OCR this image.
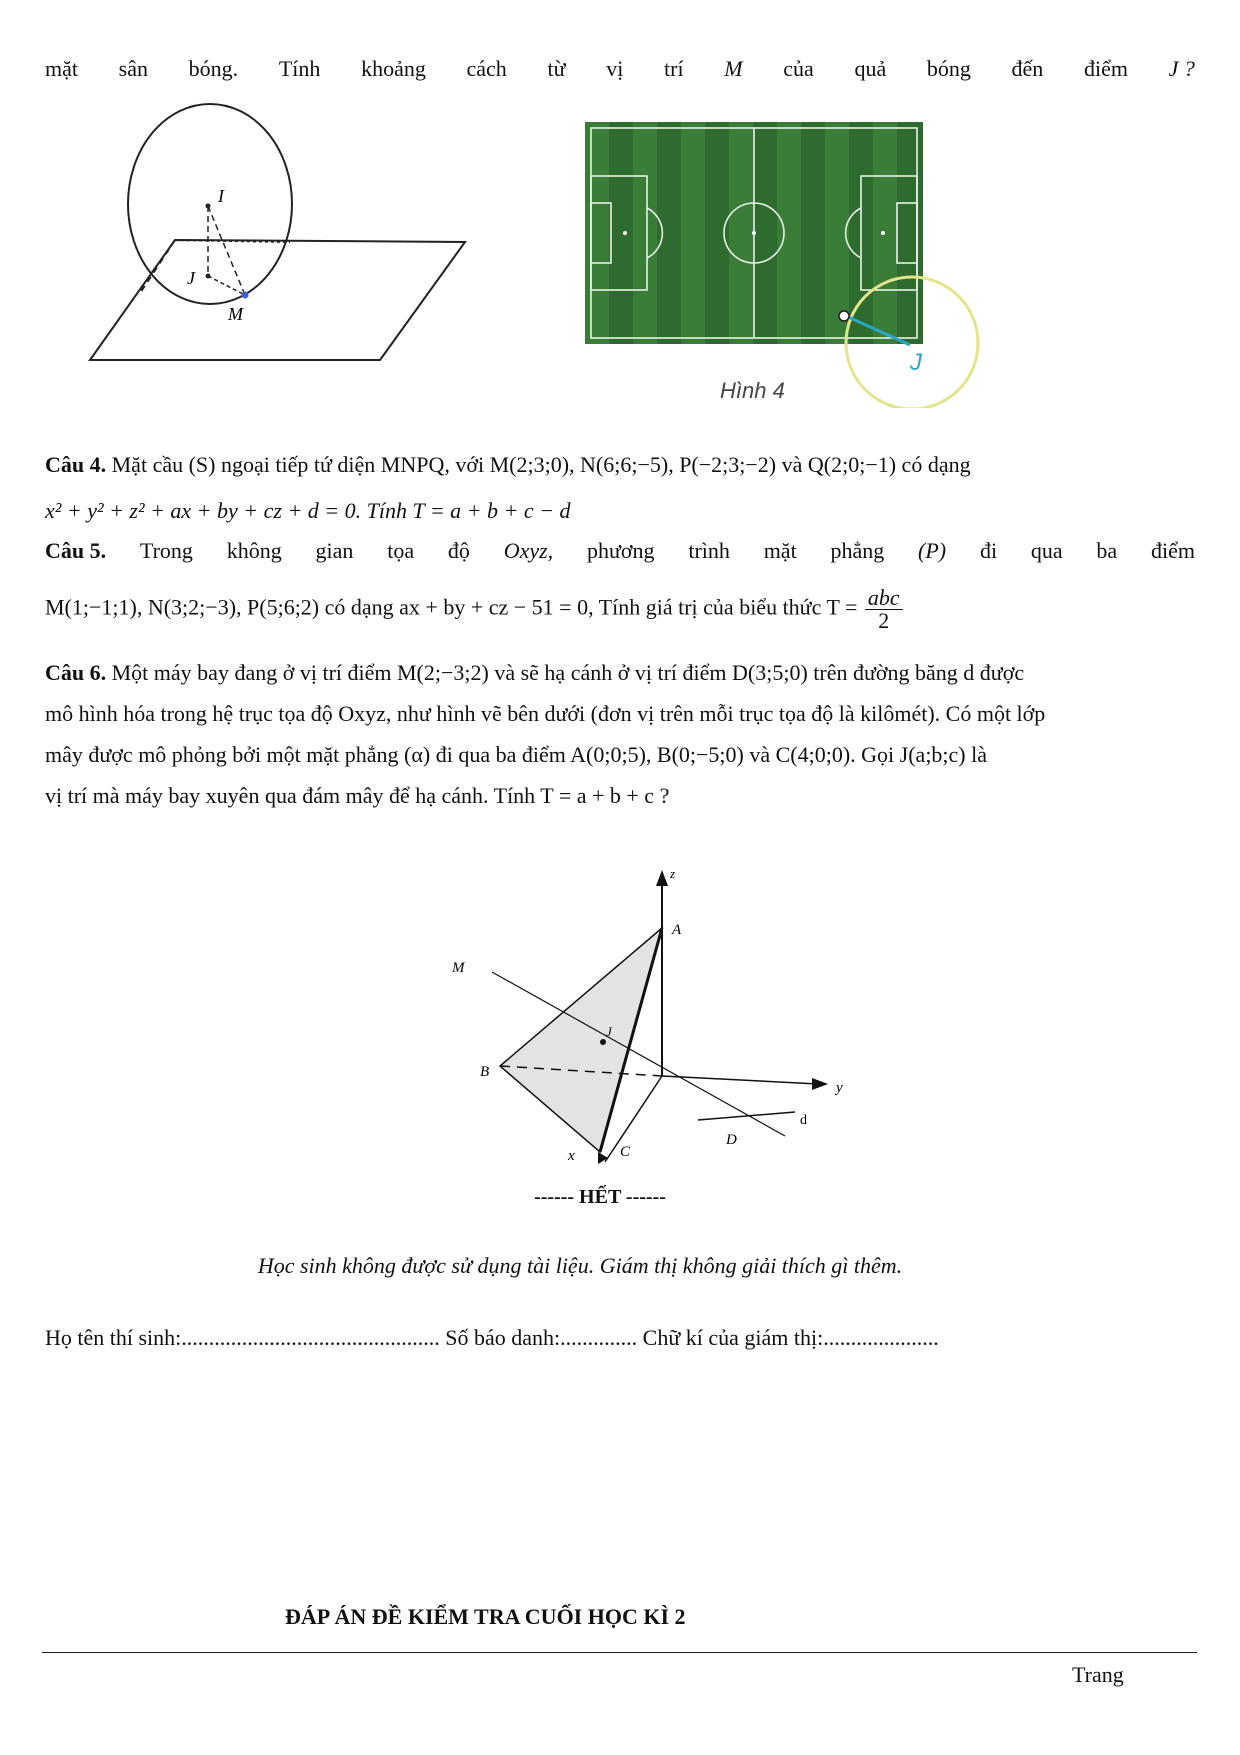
mặt sân bóng. Tính khoảng cách từ vị trí M của quả bóng đến điểm J ?
I
J
M
J
Hình 4
Câu 4. Mặt cầu (S) ngoại tiếp tứ diện MNPQ, với M(2;3;0), N(6;6;−5), P(−2;3;−2) và Q(2;0;−1) có dạng
x² + y² + z² + ax + by + cz + d = 0. Tính T = a + b + c − d
Câu 5. Trong không gian tọa độ Oxyz, phương trình mặt phẳng (P) đi qua ba điểm
M(1;−1;1), N(3;2;−3), P(5;6;2) có dạng ax + by + cz − 51 = 0, Tính giá trị của biểu thức $T = \frac{\text{abc}}{2}$
Câu 6. Một máy bay đang ở vị trí điểm M(2;−3;2) và sẽ hạ cánh ở vị trí điểm D(3;5;0) trên đường băng d được
mô hình hóa trong hệ trục tọa độ Oxyz, như hình vẽ bên dưới (đơn vị trên mỗi trục tọa độ là kilômét). Có một lớp
mây được mô phỏng bởi một mặt phẳng (α) đi qua ba điểm A(0;0;5), B(0;−5;0) và C(4;0;0). Gọi J(a;b;c) là
vị trí mà máy bay xuyên qua đám mây để hạ cánh. Tính T = a + b + c ?
z
A
M
J
B
y
D
d
C
x
------ HẾT ------
Học sinh không được sử dụng tài liệu. Giám thị không giải thích gì thêm.
Họ tên thí sinh:............................................... Số báo danh:.............. Chữ kí của giám thị:.....................
ĐÁP ÁN ĐỀ KIỂM TRA CUỐI HỌC KÌ 2
Trang
